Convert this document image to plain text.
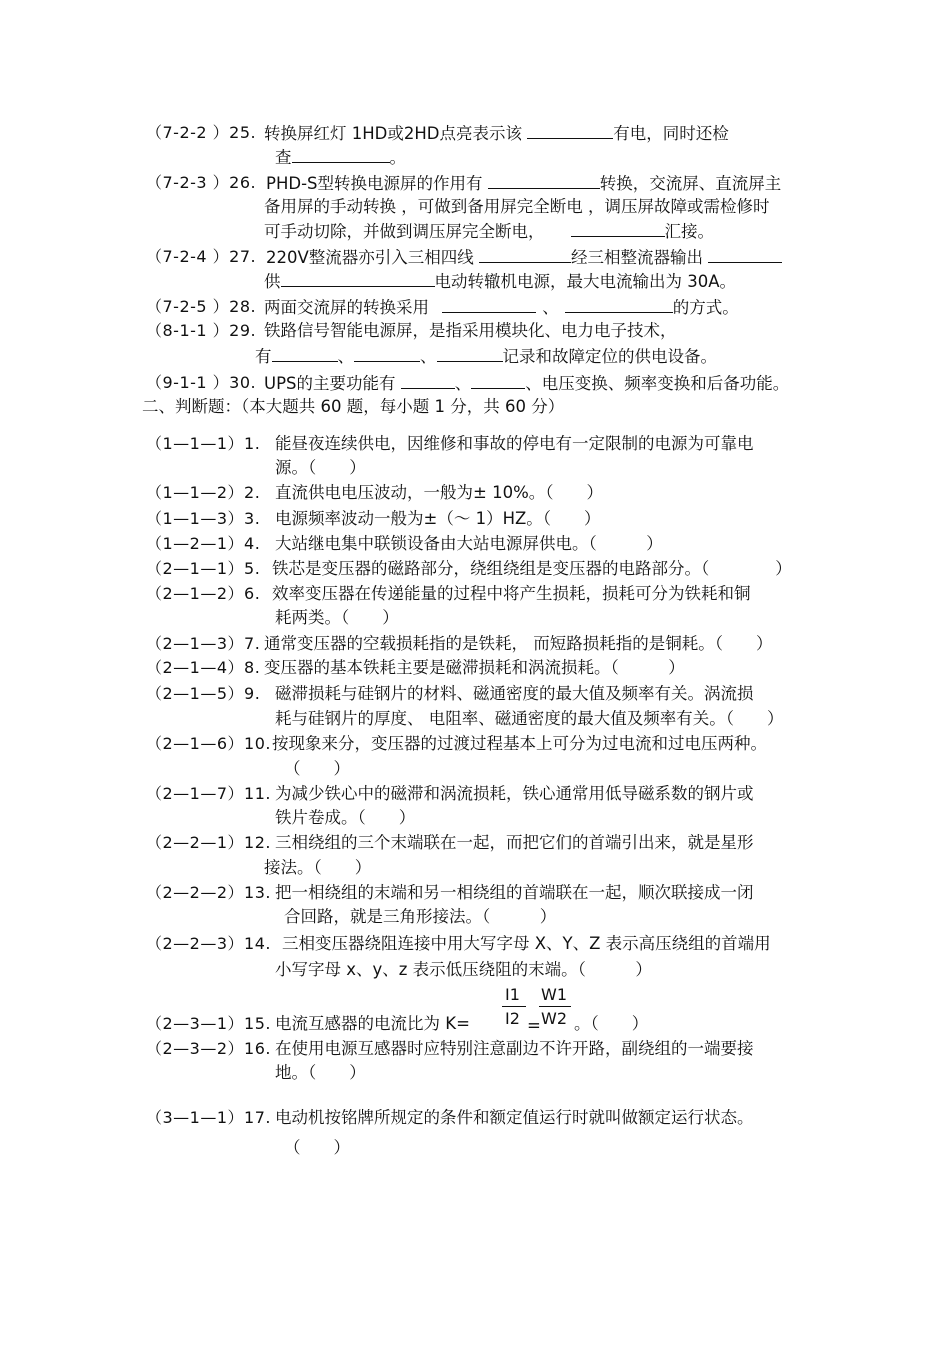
（7-2-2 ）25. 转换屏红灯 1HD或2HD点亮表示该	有电，同时还检
查	。
（7-2-3 ）26. PHD-S型转换电源屏的作用有	转换，交流屏、直流屏主
备用屏的手动转换 ，可做到备用屏完全断电 ，调压屏故障或需检修时
可手动切除，并做到调压屏完全断电，	汇接。
（7-2-4 ）27. 220V整流器亦引入三相四线	经三相整流器输出
供	电动转辙机电源，最大电流输出为 30A。
（7-2-5 ）28. 两面交流屏的转换采用	、	的方式。
（8-1-1 ）29. 铁路信号智能电源屏，是指采用模块化、电力电子技术，
有	、	、	记录和故障定位的供电设备。
（9-1-1 ）30. UPS的主要功能有	、	、电压变换、频率变换和后备功能。
二、判断题：（本大题共 60 题，每小题 1 分，共 60 分）
（1—1—1）1. 能昼夜连续供电，因维修和事故的停电有一定限制的电源为可靠电
源。（　　）
（1—1—2）2. 直流供电电压波动，一般为± 10%。（　　）
（1—1—3）3. 电源频率波动一般为±（～ 1）HZ。（　　）
（1—2—1）4. 大站继电集中联锁设备由大站电源屏供电。（　　　）
（2—1—1）5. 铁芯是变压器的磁路部分，绕组绕组是变压器的电路部分。（　　　　）
（2—1—2）6. 效率变压器在传递能量的过程中将产生损耗，损耗可分为铁耗和铜
耗两类。（　　）
（2—1—3）7. 通常变压器的空载损耗指的是铁耗， 而短路损耗指的是铜耗。（　　）
（2—1—4）8. 变压器的基本铁耗主要是磁滞损耗和涡流损耗。（　　　）
（2—1—5）9. 磁滞损耗与硅钢片的材料、磁通密度的最大值及频率有关。涡流损
耗与硅钢片的厚度、 电阻率、磁通密度的最大值及频率有关。（　　）
（2—1—6）10. 按现象来分，变压器的过渡过程基本上可分为过电流和过电压两种。
（　　）
（2—1—7）11. 为减少铁心中的磁滞和涡流损耗，铁心通常用低导磁系数的钢片或
铁片卷成。（　　）
（2—2—1）12. 三相绕组的三个末端联在一起，而把它们的首端引出来，就是星形
接法。（　　）
（2—2—2）13. 把一相绕组的末端和另一相绕组的首端联在一起，顺次联接成一闭
合回路，就是三角形接法。（　　　）
（2—2—3）14. 三相变压器绕阻连接中用大写字母 X、Y、Z 表示高压绕组的首端用
小写字母 x、y、z 表示低压绕阻的末端。（　　　）
（2—3—1）15. 电流互感器的电流比为 K=
I1
I2 =
W1
W2 。（　　）
（2—3—2）16. 在使用电源互感器时应特别注意副边不许开路，副绕组的一端要接
地。（　　）
（3—1—1）17. 电动机按铭牌所规定的条件和额定值运行时就叫做额定运行状态。
（　　）
